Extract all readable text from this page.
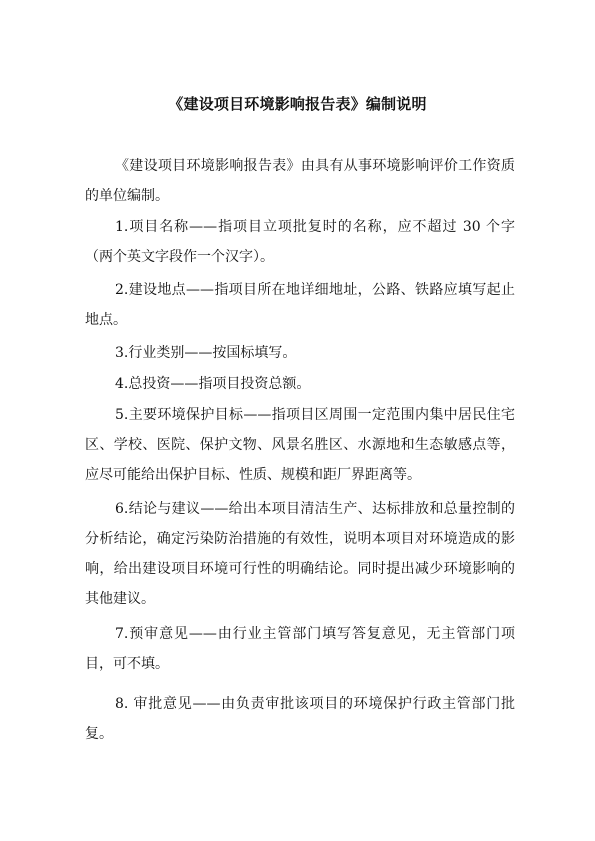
《建设项目环境影响报告表》编制说明

《建设项目环境影响报告表》由具有从事环境影响评价工作资质的单位编制。

1.项目名称——指项目立项批复时的名称，应不超过 30 个字（两个英文字段作一个汉字）。

2.建设地点——指项目所在地详细地址，公路、铁路应填写起止地点。

3.行业类别——按国标填写。

4.总投资——指项目投资总额。

5.主要环境保护目标——指项目区周围一定范围内集中居民住宅区、学校、医院、保护文物、风景名胜区、水源地和生态敏感点等，应尽可能给出保护目标、性质、规模和距厂界距离等。

6.结论与建议——给出本项目清洁生产、达标排放和总量控制的分析结论，确定污染防治措施的有效性，说明本项目对环境造成的影响，给出建设项目环境可行性的明确结论。同时提出减少环境影响的其他建议。

7.预审意见——由行业主管部门填写答复意见，无主管部门项目，可不填。

8. 审批意见——由负责审批该项目的环境保护行政主管部门批复。
